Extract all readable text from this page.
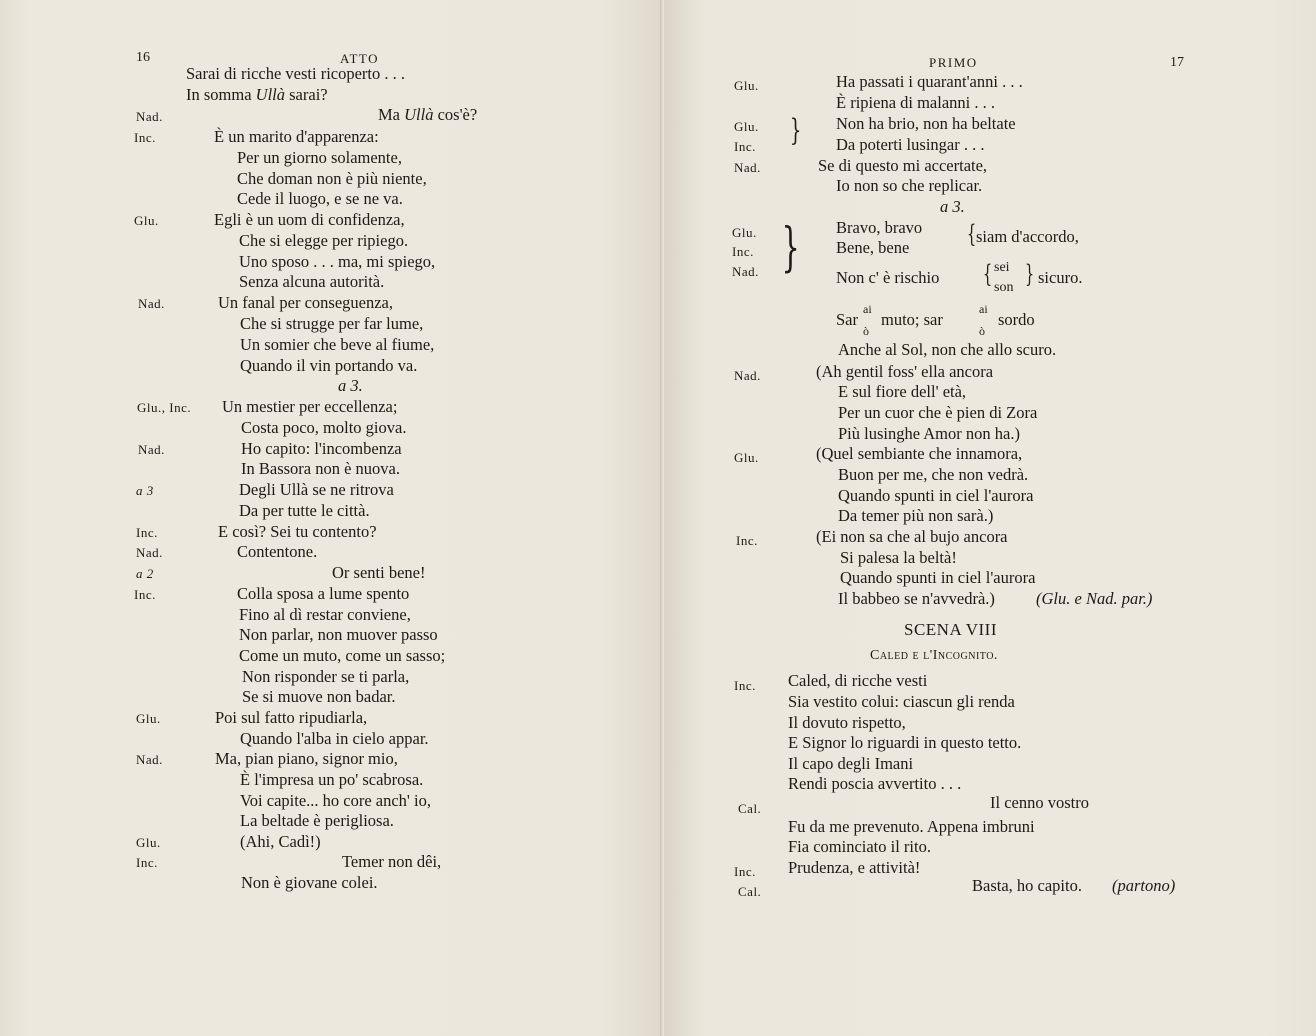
16	ATTO
Sarai di ricche vesti ricoperto . . .
In somma Ullà sarai?
Nad.	Ma Ullà cos'è?
Inc.	È un marito d'apparenza:
Per un giorno solamente,
Che doman non è più niente,
Cede il luogo, e se ne va.
Glu.	Egli è un uom di confidenza,
Che si elegge per ripiego.
Uno sposo . . . ma, mi spiego,
Senza alcuna autorità.
Nad.	Un fanal per conseguenza,
Che si strugge per far lume,
Un somier che beve al fiume,
Quando il vin portando va.
a 3.
Glu., Inc. Un mestier per eccellenza;
Costa poco, molto giova.
Nad.	Ho capito: l'incombenza
In Bassora non è nuova.
a 3	Degli Ullà se ne ritrova
Da per tutte le città.
Inc.	E così? Sei tu contento?
Nad.	Contentone.
a 2	Or senti bene!
Inc.	Colla sposa a lume spento
Fino al dì restar conviene,
Non parlar, non muover passo
Come un muto, come un sasso;
Non risponder se ti parla,
Se si muove non badar.
Glu.	Poi sul fatto ripudiarla,
Quando l'alba in cielo appar.
Nad.	Ma, pian piano, signor mio,
È l'impresa un po' scabrosa.
Voi capite... ho core anch' io,
La beltade è perigliosa.
Glu.	(Ahi, Cadì!)
Inc.	Temer non dêi,
Non è giovane colei.
PRIMO	17
Glu.	Ha passati i quarant'anni . . .
È ripiena di malanni . . .
Glu.
Inc. } Non ha brio, non ha beltate
Da poterti lusingar . . .
Nad.	Se di questo mi accertate,
Io non so che replicar.
a 3.
Glu.
Inc.
Nad. } Bravo, bravo
Bene, bene { siam d'accordo,
Non c' è rischio { sei
son } sicuro.
Sar
ai
ò
muto; sar
ai
ò
sordo
Anche al Sol, non che allo scuro.
Nad.	(Ah gentil foss' ella ancora
E sul fiore dell' età,
Per un cuor che è pien di Zora
Più lusinghe Amor non ha.)
Glu.	(Quel sembiante che innamora,
Buon per me, che non vedrà.
Quando spunti in ciel l'aurora
Da temer più non sarà.)
Inc.	(Ei non sa che al bujo ancora
Si palesa la beltà!
Quando spunti in ciel l'aurora
Il babbeo se n'avvedrà.) (Glu. e Nad. par.)
SCENA VIII
Caled e l'Incognito.
Inc. Caled, di ricche vesti
Sia vestito colui: ciascun gli renda
Il dovuto rispetto,
E Signor lo riguardi in questo tetto.
Il capo degli Imani
Rendi poscia avvertito . . .
Cal.	Il cenno vostro
Fu da me prevenuto. Appena imbruni
Fia cominciato il rito.
Inc. Prudenza, e attività!
Cal.	Basta, ho capito. (partono)
